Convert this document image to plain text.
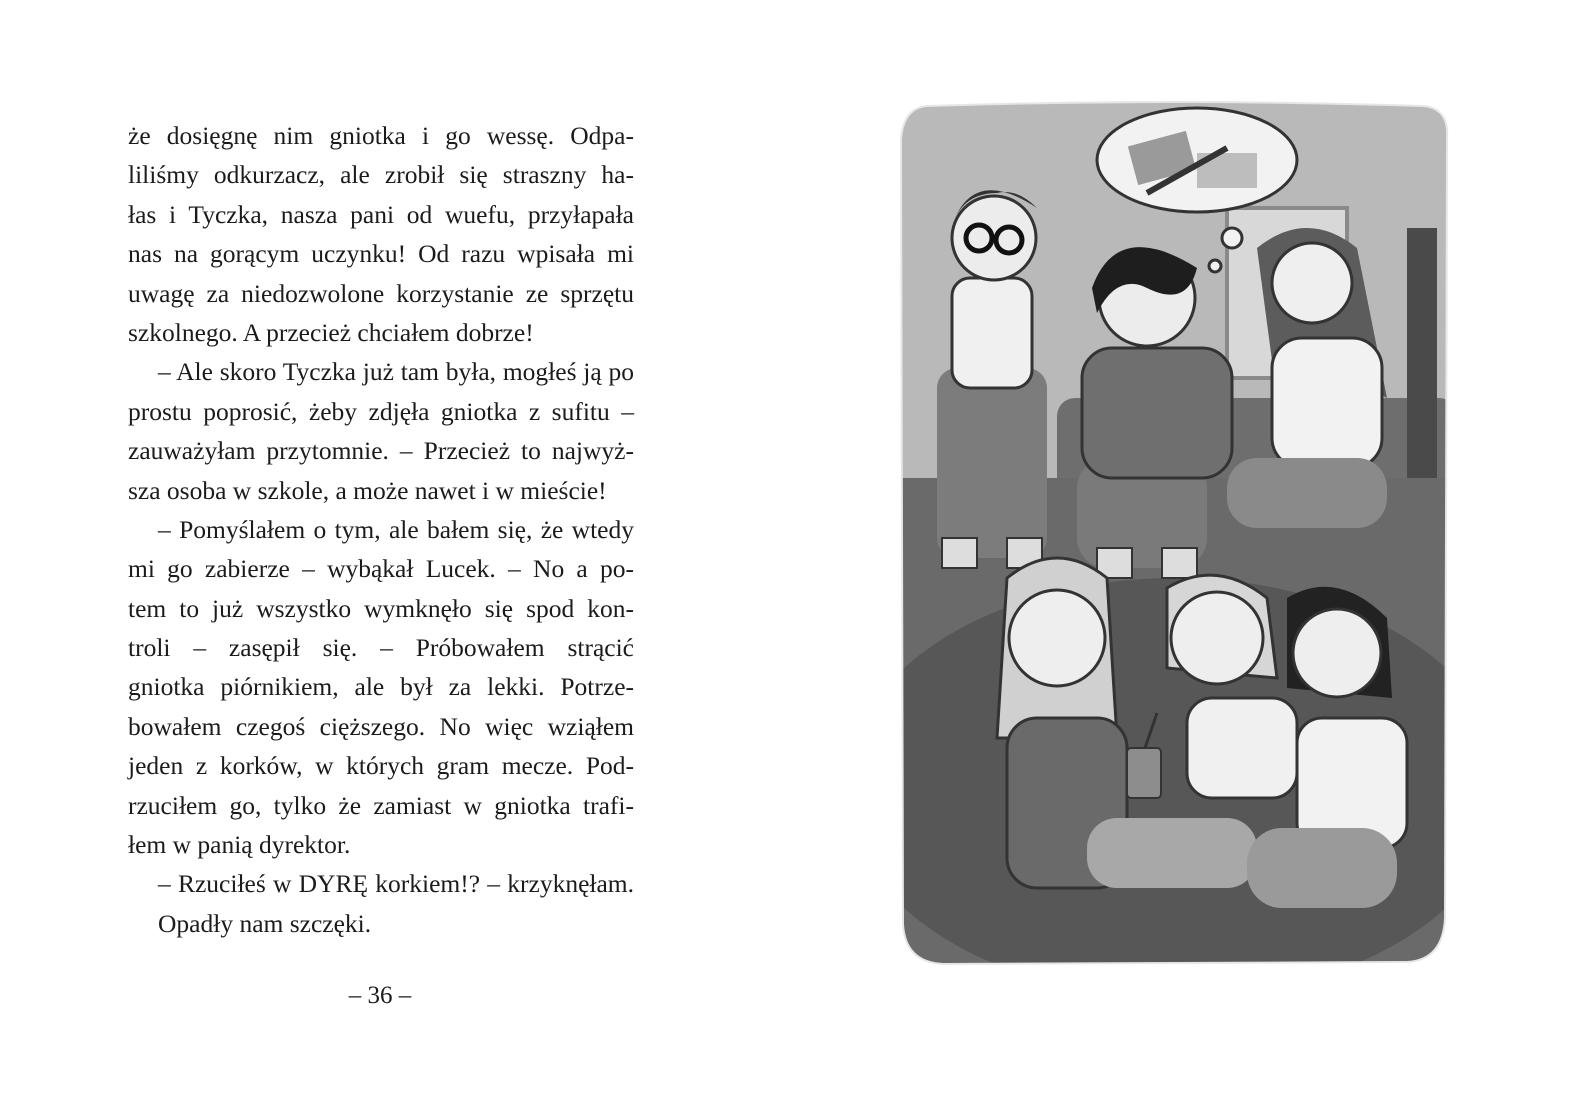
że dosięgnę nim gniotka i go wessę. Odpa-
liliśmy odkurzacz, ale zrobił się straszny ha-
łas i Tyczka, nasza pani od wuefu, przyłapała
nas na gorącym uczynku! Od razu wpisała mi
uwagę za niedozwolone korzystanie ze sprzętu
szkolnego. A przecież chciałem dobrze!
– Ale skoro Tyczka już tam była, mogłeś ją po
prostu poprosić, żeby zdjęła gniotka z sufitu –
zauważyłam przytomnie. – Przecież to najwyż-
sza osoba w szkole, a może nawet i w mieście!
– Pomyślałem o tym, ale bałem się, że wtedy
mi go zabierze – wybąkał Lucek. – No a po-
tem to już wszystko wymknęło się spod kon-
troli – zasępił się. – Próbowałem strącić
gniotka piórnikiem, ale był za lekki. Potrze-
bowałem czegoś cięższego. No więc wziąłem
jeden z korków, w których gram mecze. Pod-
rzuciłem go, tylko że zamiast w gniotka trafi-
łem w panią dyrektor.
– Rzuciłeś w DYRĘ korkiem!? – krzyknęłam.
Opadły nam szczęki.
– 36 –
